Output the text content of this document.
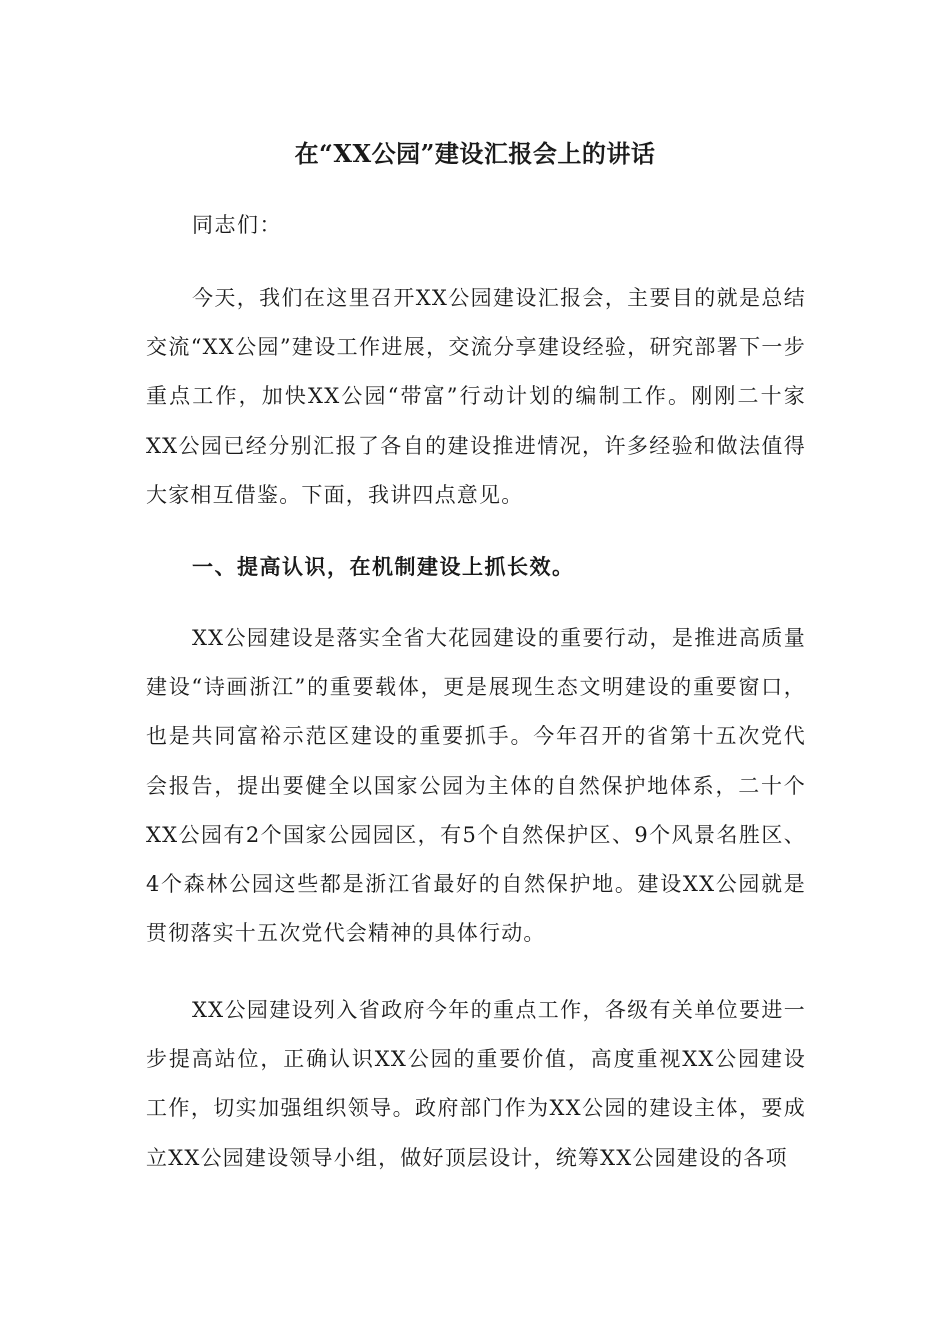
在“XX公园”建设汇报会上的讲话
同志们：

今天，我们在这里召开XX公园建设汇报会，主要目的就是总结交流“XX公园”建设工作进展，交流分享建设经验，研究部署下一步重点工作，加快XX公园“带富”行动计划的编制工作。刚刚二十家XX公园已经分别汇报了各自的建设推进情况，许多经验和做法值得大家相互借鉴。下面，我讲四点意见。

一、提高认识，在机制建设上抓长效。

XX公园建设是落实全省大花园建设的重要行动，是推进高质量建设“诗画浙江”的重要载体，更是展现生态文明建设的重要窗口，也是共同富裕示范区建设的重要抓手。今年召开的省第十五次党代会报告，提出要健全以国家公园为主体的自然保护地体系，二十个XX公园有2个国家公园园区，有5个自然保护区、9个风景名胜区、4个森林公园这些都是浙江省最好的自然保护地。建设XX公园就是贯彻落实十五次党代会精神的具体行动。

XX公园建设列入省政府今年的重点工作，各级有关单位要进一步提高站位，正确认识XX公园的重要价值，高度重视XX公园建设工作，切实加强组织领导。政府部门作为XX公园的建设主体，要成立XX公园建设领导小组，做好顶层设计，统筹XX公园建设的各项
